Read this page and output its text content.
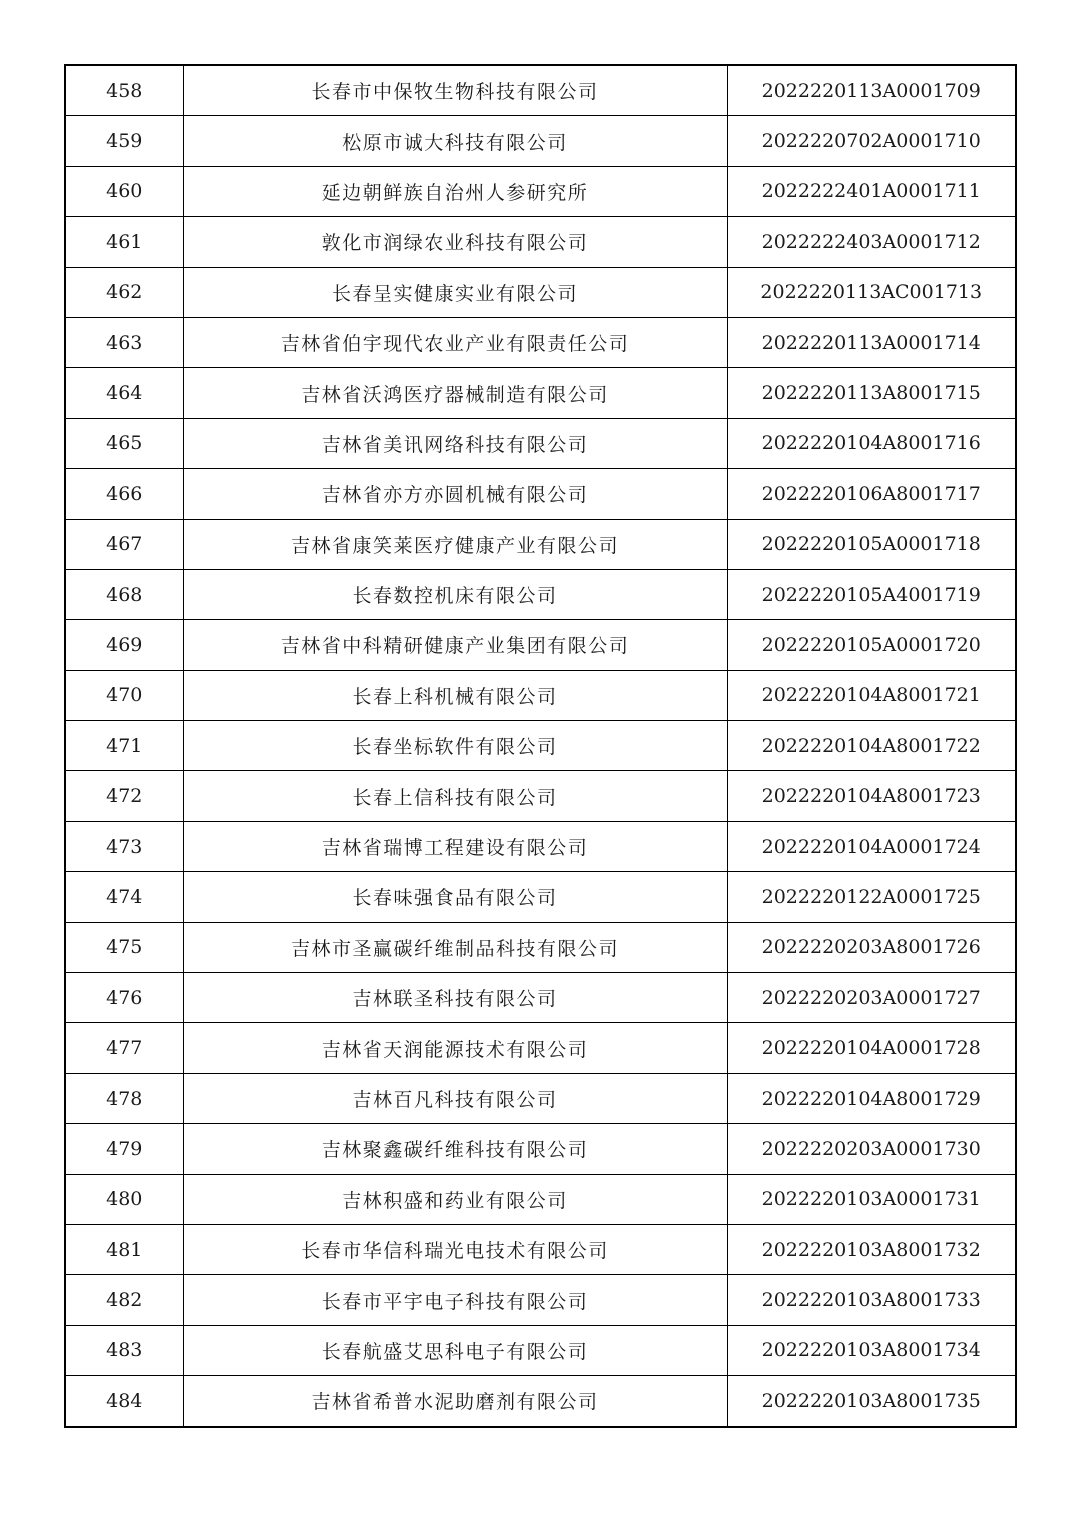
458	长春市中保牧生物科技有限公司	2022220113A0001709
459	松原市诚大科技有限公司	2022220702A0001710
460	延边朝鲜族自治州人参研究所	2022222401A0001711
461	敦化市润绿农业科技有限公司	2022222403A0001712
462	长春呈实健康实业有限公司	2022220113AC001713
463	吉林省伯宇现代农业产业有限责任公司	2022220113A0001714
464	吉林省沃鸿医疗器械制造有限公司	2022220113A8001715
465	吉林省美讯网络科技有限公司	2022220104A8001716
466	吉林省亦方亦圆机械有限公司	2022220106A8001717
467	吉林省康笑莱医疗健康产业有限公司	2022220105A0001718
468	长春数控机床有限公司	2022220105A4001719
469	吉林省中科精研健康产业集团有限公司	2022220105A0001720
470	长春上科机械有限公司	2022220104A8001721
471	长春坐标软件有限公司	2022220104A8001722
472	长春上信科技有限公司	2022220104A8001723
473	吉林省瑞博工程建设有限公司	2022220104A0001724
474	长春味强食品有限公司	2022220122A0001725
475	吉林市圣赢碳纤维制品科技有限公司	2022220203A8001726
476	吉林联圣科技有限公司	2022220203A0001727
477	吉林省天润能源技术有限公司	2022220104A0001728
478	吉林百凡科技有限公司	2022220104A8001729
479	吉林聚鑫碳纤维科技有限公司	2022220203A0001730
480	吉林积盛和药业有限公司	2022220103A0001731
481	长春市华信科瑞光电技术有限公司	2022220103A8001732
482	长春市平宇电子科技有限公司	2022220103A8001733
483	长春航盛艾思科电子有限公司	2022220103A8001734
484	吉林省希普水泥助磨剂有限公司	2022220103A8001735
